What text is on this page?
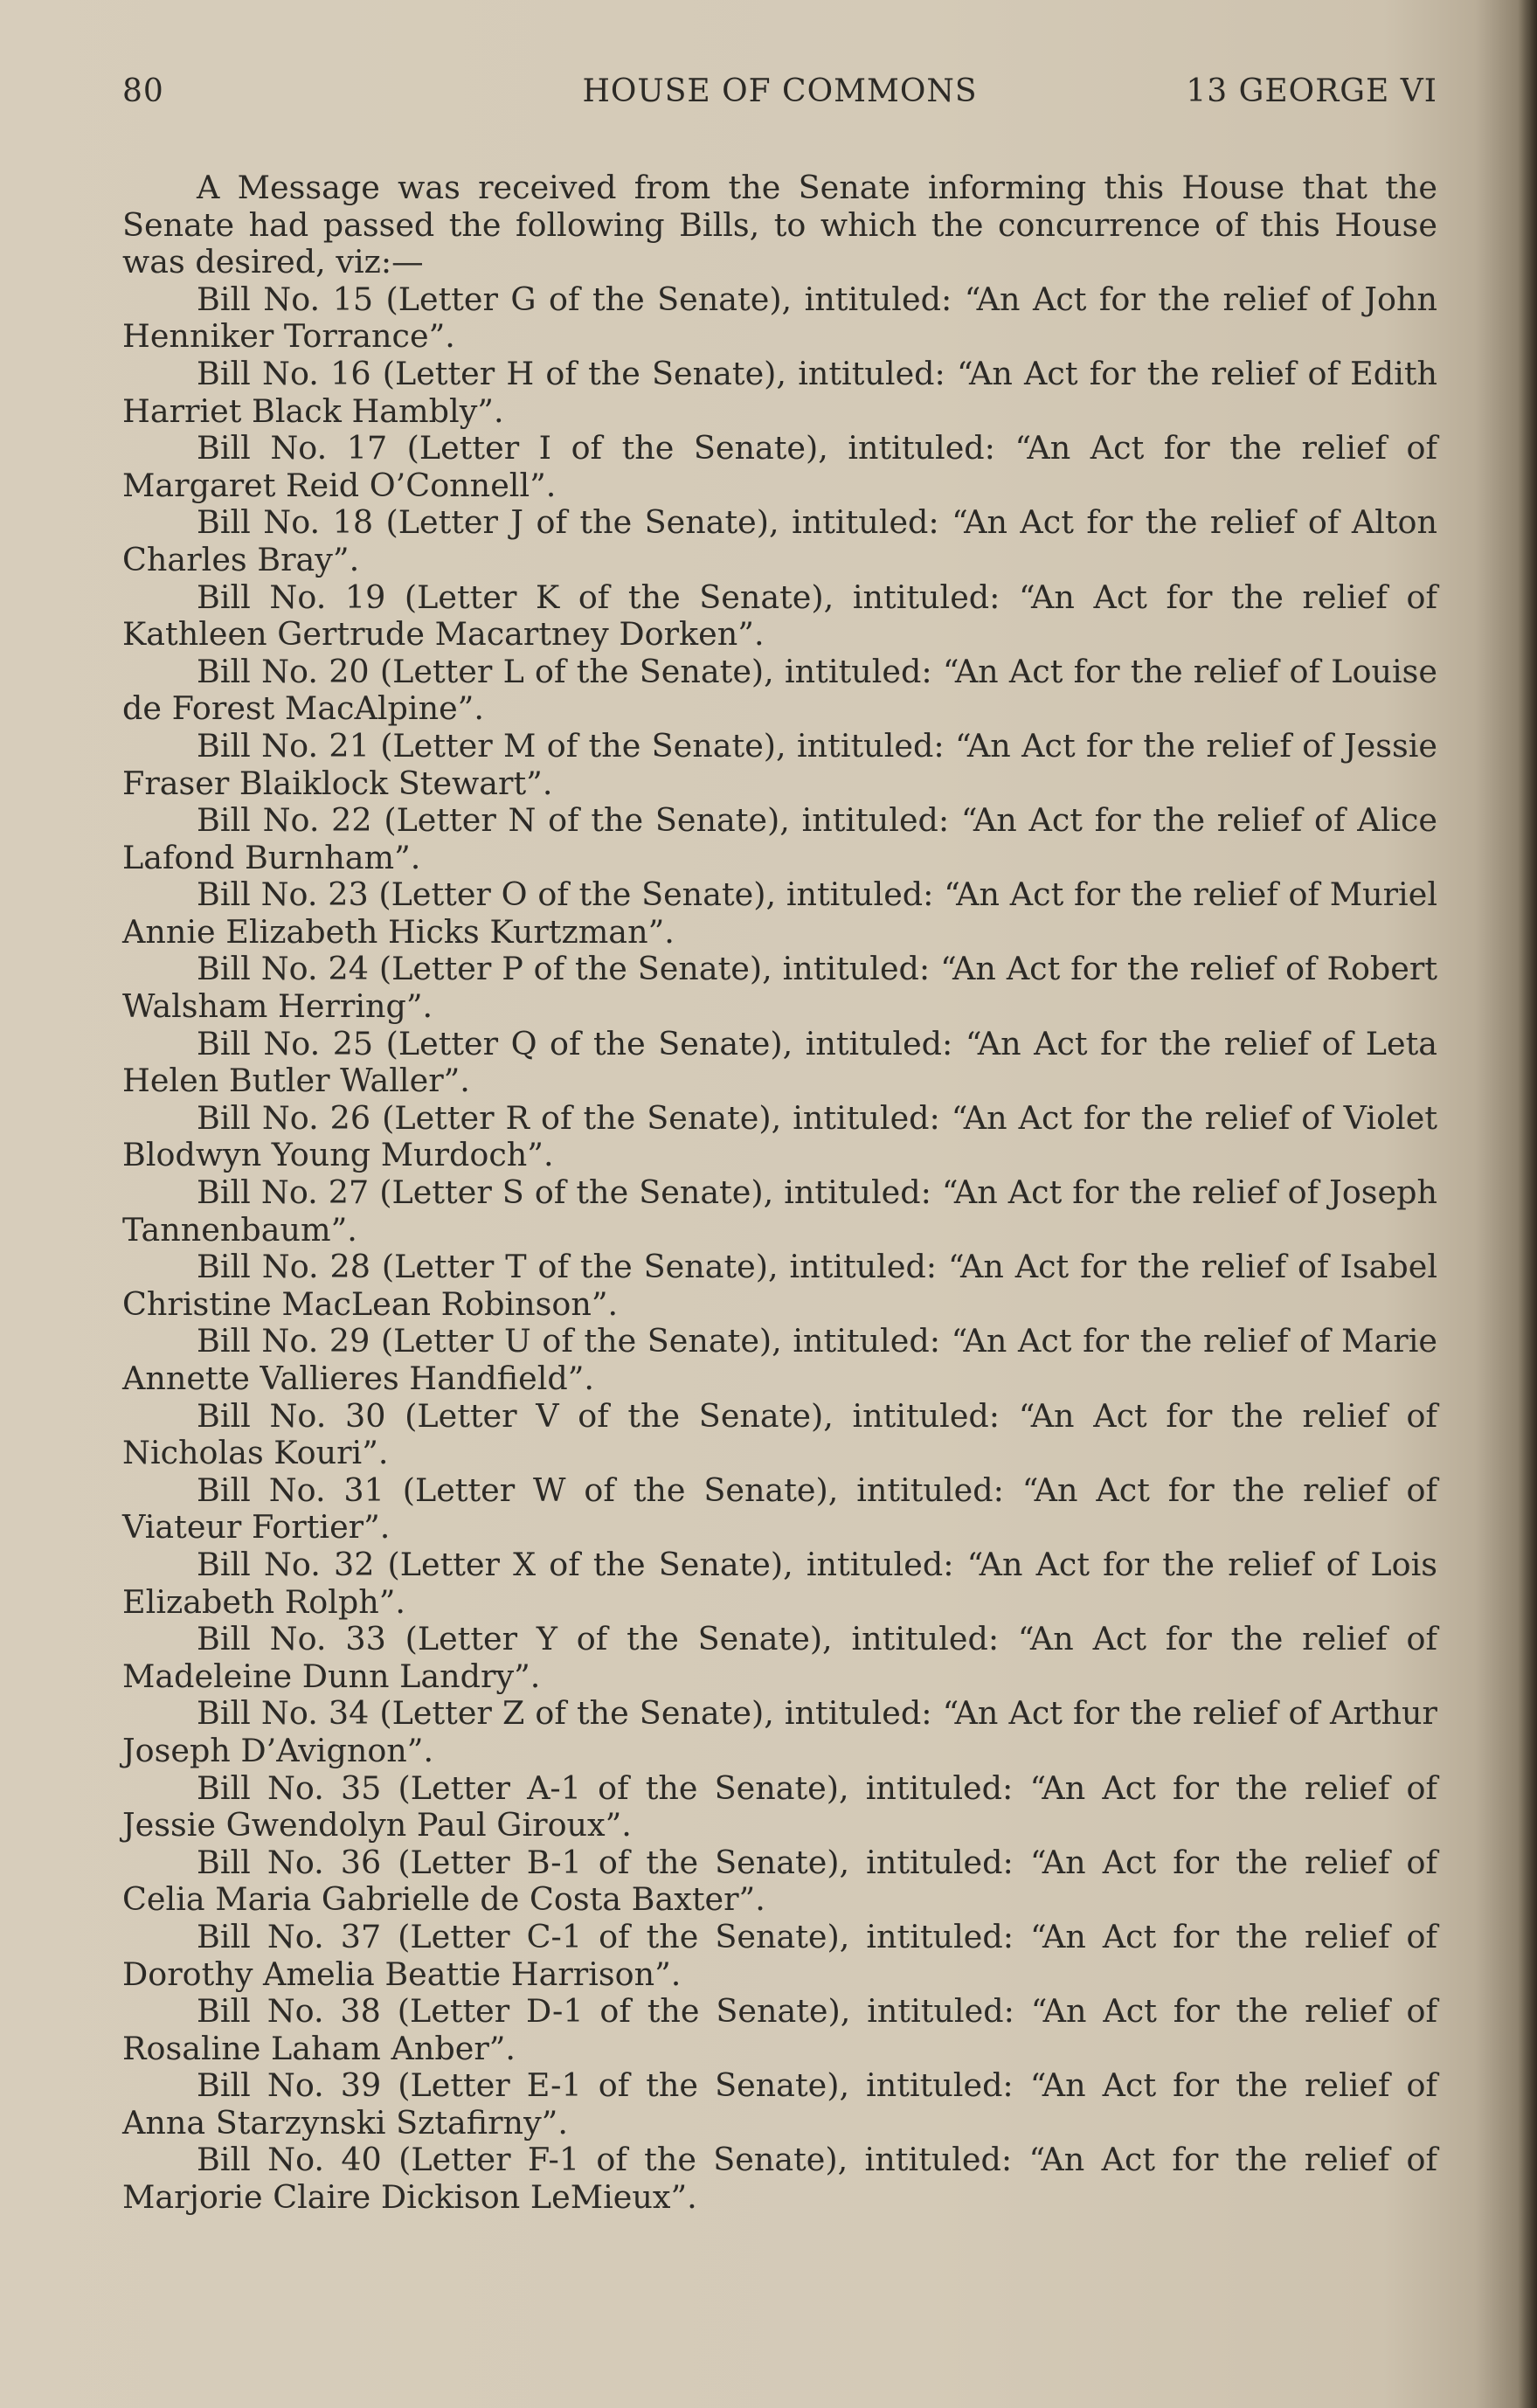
80	HOUSE OF COMMONS	13 GEORGE VI

A Message was received from the Senate informing this House that the Senate had passed the following Bills, to which the concurrence of this House was desired, viz:—

Bill No. 15 (Letter G of the Senate), intituled: “An Act for the relief of John Henniker Torrance”.

Bill No. 16 (Letter H of the Senate), intituled: “An Act for the relief of Edith Harriet Black Hambly”.

Bill No. 17 (Letter I of the Senate), intituled: “An Act for the relief of Margaret Reid O’Connell”.

Bill No. 18 (Letter J of the Senate), intituled: “An Act for the relief of Alton Charles Bray”.

Bill No. 19 (Letter K of the Senate), intituled: “An Act for the relief of Kathleen Gertrude Macartney Dorken”.

Bill No. 20 (Letter L of the Senate), intituled: “An Act for the relief of Louise de Forest MacAlpine”.

Bill No. 21 (Letter M of the Senate), intituled: “An Act for the relief of Jessie Fraser Blaiklock Stewart”.

Bill No. 22 (Letter N of the Senate), intituled: “An Act for the relief of Alice Lafond Burnham”.

Bill No. 23 (Letter O of the Senate), intituled: “An Act for the relief of Muriel Annie Elizabeth Hicks Kurtzman”.

Bill No. 24 (Letter P of the Senate), intituled: “An Act for the relief of Robert Walsham Herring”.

Bill No. 25 (Letter Q of the Senate), intituled: “An Act for the relief of Leta Helen Butler Waller”.

Bill No. 26 (Letter R of the Senate), intituled: “An Act for the relief of Violet Blodwyn Young Murdoch”.

Bill No. 27 (Letter S of the Senate), intituled: “An Act for the relief of Joseph Tannenbaum”.

Bill No. 28 (Letter T of the Senate), intituled: “An Act for the relief of Isabel Christine MacLean Robinson”.

Bill No. 29 (Letter U of the Senate), intituled: “An Act for the relief of Marie Annette Vallieres Handfield”.

Bill No. 30 (Letter V of the Senate), intituled: “An Act for the relief of Nicholas Kouri”.

Bill No. 31 (Letter W of the Senate), intituled: “An Act for the relief of Viateur Fortier”.

Bill No. 32 (Letter X of the Senate), intituled: “An Act for the relief of Lois Elizabeth Rolph”.

Bill No. 33 (Letter Y of the Senate), intituled: “An Act for the relief of Madeleine Dunn Landry”.

Bill No. 34 (Letter Z of the Senate), intituled: “An Act for the relief of Arthur Joseph D’Avignon”.

Bill No. 35 (Letter A-1 of the Senate), intituled: “An Act for the relief of Jessie Gwendolyn Paul Giroux”.

Bill No. 36 (Letter B-1 of the Senate), intituled: “An Act for the relief of Celia Maria Gabrielle de Costa Baxter”.

Bill No. 37 (Letter C-1 of the Senate), intituled: “An Act for the relief of Dorothy Amelia Beattie Harrison”.

Bill No. 38 (Letter D-1 of the Senate), intituled: “An Act for the relief of Rosaline Laham Anber”.

Bill No. 39 (Letter E-1 of the Senate), intituled: “An Act for the relief of Anna Starzynski Sztafirny”.

Bill No. 40 (Letter F-1 of the Senate), intituled: “An Act for the relief of Marjorie Claire Dickison LeMieux”.
